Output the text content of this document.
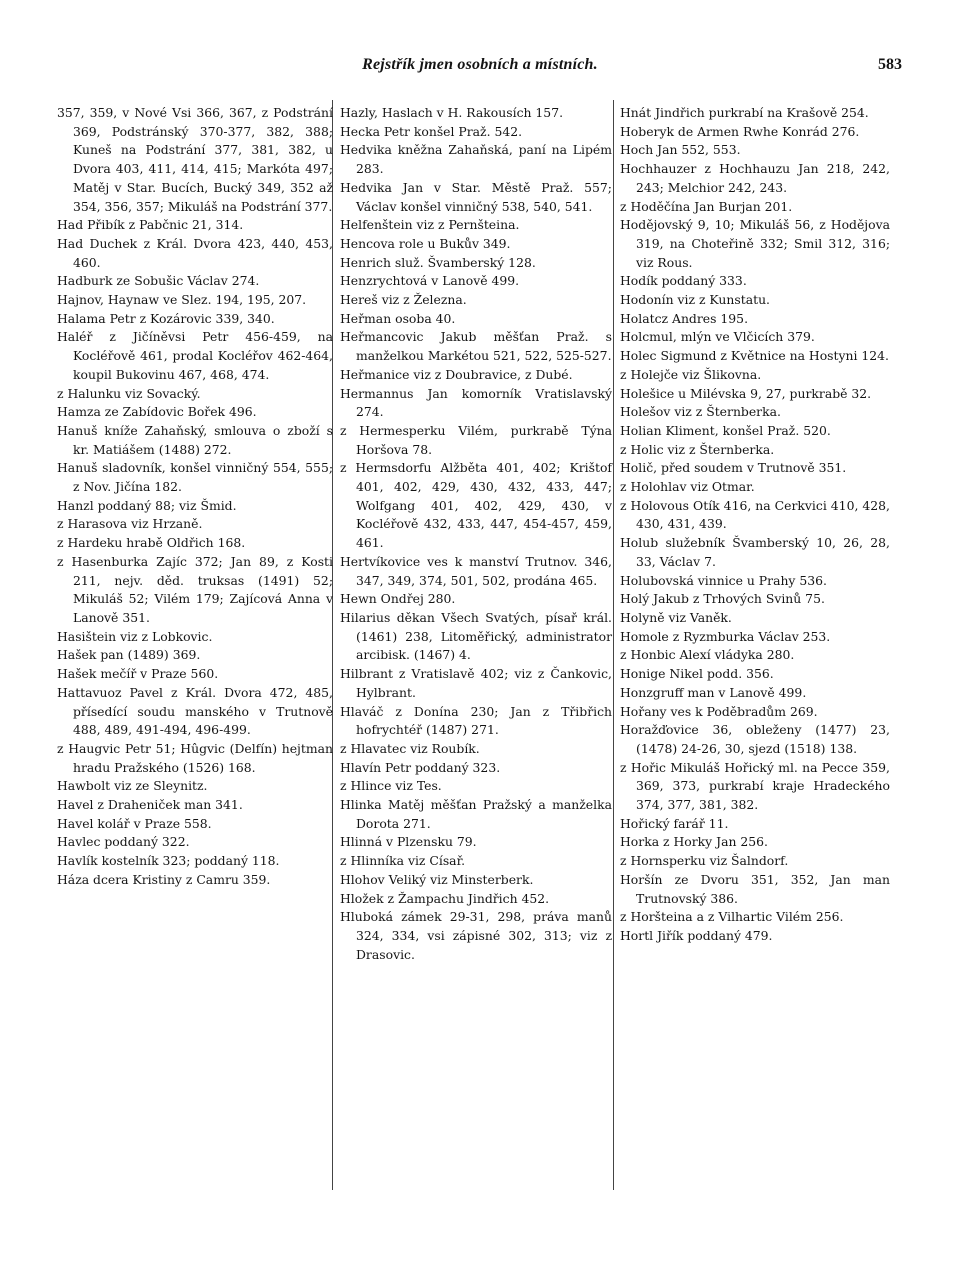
Rejstřík jmen osobních a místních.	583

357, 359, v Nové Vsi 366, 367, z Podstrání 369, Podstránský 370-377, 382, 388; Kuneš na Podstrání 377, 381, 382, u Dvora 403, 411, 414, 415; Markóta 497; Matěj v Star. Bucích, Bucký 349, 352 až 354, 356, 357; Mikuláš na Podstrání 377.

Had Přibík z Pabčnic 21, 314.

Had Duchek z Král. Dvora 423, 440, 453, 460.

Hadburk ze Sobušic Václav 274.

Hajnov, Haynaw ve Slez. 194, 195, 207.

Halama Petr z Kozárovic 339, 340.

Haléř z Jičíněvsi Petr 456-459, na Kocléřově 461, prodal Kocléřov 462-464, koupil Bukovinu 467, 468, 474.

z Halunku viz Sovacký.

Hamza ze Zabídovic Bořek 496.

Hanuš kníže Zahaňský, smlouva o zboží s kr. Matiášem (1488) 272.

Hanuš sladovník, konšel vinničný 554, 555; z Nov. Jičína 182.

Hanzl poddaný 88; viz Šmid.

z Harasova viz Hrzaně.

z Hardeku hrabě Oldřich 168.

z Hasenburka Zajíc 372; Jan 89, z Kosti 211, nejv. děd. truksas (1491) 52; Mikuláš 52; Vilém 179; Zajícová Anna v Lanově 351.

Hasištein viz z Lobkovic.

Hašek pan (1489) 369.

Hašek mečíř v Praze 560.

Hattavuoz Pavel z Král. Dvora 472, 485, přísedící soudu manského v Trutnově 488, 489, 491-494, 496-499.

z Haugvic Petr 51; Hûgvic (Delfín) hejtman hradu Pražského (1526) 168.

Hawbolt viz ze Sleynitz.

Havel z Draheniček man 341.

Havel kolář v Praze 558.

Havlec poddaný 322.

Havlík kostelník 323; poddaný 118.

Háza dcera Kristiny z Camru 359.

Hazly, Haslach v H. Rakousích 157.

Hecka Petr konšel Praž. 542.

Hedvika kněžna Zahaňská, paní na Lipém 283.

Hedvika Jan v Star. Městě Praž. 557; Václav konšel vinničný 538, 540, 541.

Helfenštein viz z Pernšteina.

Hencova role u Bukův 349.

Henrich služ. Švamberský 128.

Henzrychtová v Lanově 499.

Hereš viz z Železna.

Heřman osoba 40.

Heřmancovic Jakub měšťan Praž. s manželkou Markétou 521, 522, 525-527.

Heřmanice viz z Doubravice, z Dubé.

Hermannus Jan komorník Vratislavský 274.

z Hermesperku Vilém, purkrabě Týna Horšova 78.

z Hermsdorfu Alžběta 401, 402; Krištof 401, 402, 429, 430, 432, 433, 447; Wolfgang 401, 402, 429, 430, v Kocléřově 432, 433, 447, 454-457, 459, 461.

Hertvíkovice ves k manství Trutnov. 346, 347, 349, 374, 501, 502, prodána 465.

Hewn Ondřej 280.

Hilarius děkan Všech Svatých, písař král. (1461) 238, Litoměřický, administrator arcibisk. (1467) 4.

Hilbrant z Vratislavě 402; viz z Čankovic, Hylbrant.

Hlaváč z Donína 230; Jan z Třibřich hofrychtéř (1487) 271.

z Hlavatec viz Roubík.

Hlavín Petr poddaný 323.

z Hlince viz Tes.

Hlinka Matěj měšťan Pražský a manželka Dorota 271.

Hlinná v Plzensku 79.

z Hlinníka viz Císař.

Hlohov Veliký viz Minsterberk.

Hložek z Žampachu Jindřich 452.

Hluboká zámek 29-31, 298, práva manů 324, 334, vsi zápisné 302, 313; viz z Drasovic.

Hnát Jindřich purkrabí na Krašově 254.

Hoberyk de Armen Rwhe Konrád 276.

Hoch Jan 552, 553.

Hochhauzer z Hochhauzu Jan 218, 242, 243; Melchior 242, 243.

z Hoděčína Jan Burjan 201.

Hodějovský 9, 10; Mikuláš 56, z Hodějova 319, na Choteřině 332; Smil 312, 316; viz Rous.

Hodík poddaný 333.

Hodonín viz z Kunstatu.

Holatcz Andres 195.

Holcmul, mlýn ve Vlčicích 379.

Holec Sigmund z Květnice na Hostyni 124.

z Holejče viz Šlikovna.

Holešice u Milévska 9, 27, purkrabě 32.

Holešov viz z Šternberka.

Holian Kliment, konšel Praž. 520.

z Holic viz z Šternberka.

Holič, před soudem v Trutnově 351.

z Holohlav viz Otmar.

z Holovous Otík 416, na Cerkvici 410, 428, 430, 431, 439.

Holub služebník Švamberský 10, 26, 28, 33, Václav 7.

Holubovská vinnice u Prahy 536.

Holý Jakub z Trhových Svinů 75.

Holyně viz Vaněk.

Homole z Ryzmburka Václav 253.

z Honbic Alexí vládyka 280.

Honige Nikel podd. 356.

Honzgruff man v Lanově 499.

Hořany ves k Poděbradům 269.

Horažďovice 36, obleženy (1477) 23, (1478) 24-26, 30, sjezd (1518) 138.

z Hořic Mikuláš Hořický ml. na Pecce 359, 369, 373, purkrabí kraje Hradeckého 374, 377, 381, 382.

Hořický farář 11.

Horka z Horky Jan 256.

z Hornsperku viz Šalndorf.

Horšín ze Dvoru 351, 352, Jan man Trutnovský 386.

z Horšteina a z Vilhartic Vilém 256.

Hortl Jiřík poddaný 479.
